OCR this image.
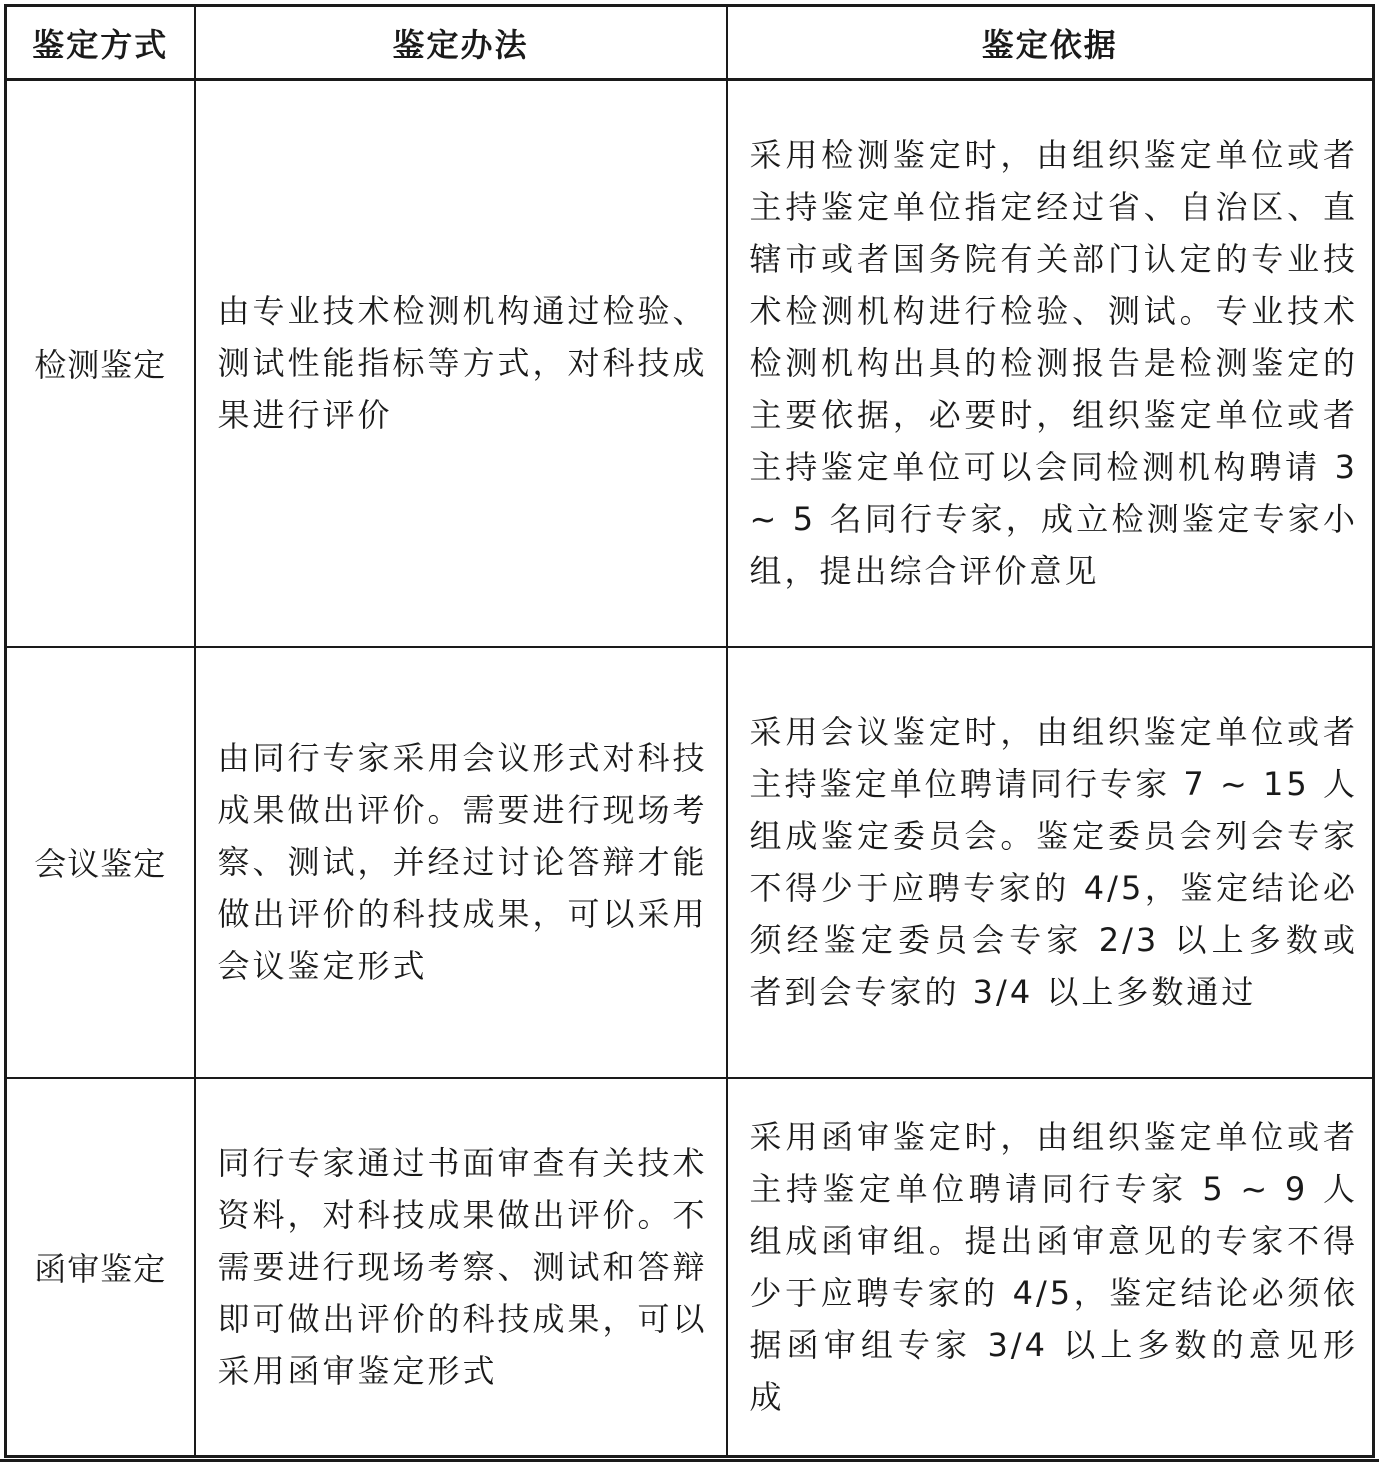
鉴定方式	鉴定办法	鉴定依据
检测鉴定	由专业技术检测机构通过检验、测试性能指标等方式，对科技成果进行评价	采用检测鉴定时，由组织鉴定单位或者主持鉴定单位指定经过省、自治区、直辖市或者国务院有关部门认定的专业技术检测机构进行检验、测试。专业技术检测机构出具的检测报告是检测鉴定的主要依据，必要时，组织鉴定单位或者主持鉴定单位可以会同检测机构聘请 3 ~ 5 名同行专家，成立检测鉴定专家小组，提出综合评价意见
会议鉴定	由同行专家采用会议形式对科技成果做出评价。需要进行现场考察、测试，并经过讨论答辩才能做出评价的科技成果，可以采用会议鉴定形式	采用会议鉴定时，由组织鉴定单位或者主持鉴定单位聘请同行专家 7 ~ 15 人组成鉴定委员会。鉴定委员会列会专家不得少于应聘专家的 4/5，鉴定结论必须经鉴定委员会专家 2/3 以上多数或者到会专家的 3/4 以上多数通过
函审鉴定	同行专家通过书面审查有关技术资料，对科技成果做出评价。不需要进行现场考察、测试和答辩即可做出评价的科技成果，可以采用函审鉴定形式	采用函审鉴定时，由组织鉴定单位或者主持鉴定单位聘请同行专家 5 ~ 9 人组成函审组。提出函审意见的专家不得少于应聘专家的 4/5，鉴定结论必须依据函审组专家 3/4 以上多数的意见形成
